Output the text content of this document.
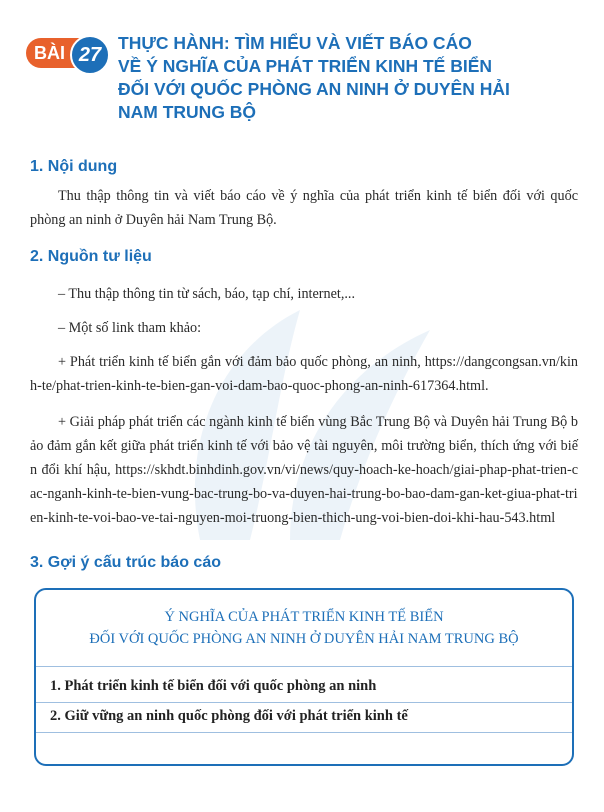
BÀI 27
THỰC HÀNH: TÌM HIỂU VÀ VIẾT BÁO CÁO
VỀ Ý NGHĨA CỦA PHÁT TRIỂN KINH TẾ BIỂN
ĐỐI VỚI QUỐC PHÒNG AN NINH Ở DUYÊN HẢI
NAM TRUNG BỘ
1. Nội dung
Thu thập thông tin và viết báo cáo về ý nghĩa của phát triển kinh tế biển đối với quốc phòng an ninh ở Duyên hải Nam Trung Bộ.
2. Nguồn tư liệu
– Thu thập thông tin từ sách, báo, tạp chí, internet,...
– Một số link tham khảo:
+ Phát triển kinh tế biển gắn với đảm bảo quốc phòng, an ninh, https://dangcongsan.vn/kinh-te/phat-trien-kinh-te-bien-gan-voi-dam-bao-quoc-phong-an-ninh-617364.html.
+ Giải pháp phát triển các ngành kinh tế biển vùng Bắc Trung Bộ và Duyên hải Trung Bộ bảo đảm gắn kết giữa phát triển kinh tế với bảo vệ tài nguyên, môi trường biển, thích ứng với biến đổi khí hậu, https://skhdt.binhdinh.gov.vn/vi/news/quy-hoach-ke-hoach/giai-phap-phat-trien-cac-nganh-kinh-te-bien-vung-bac-trung-bo-va-duyen-hai-trung-bo-bao-dam-gan-ket-giua-phat-trien-kinh-te-voi-bao-ve-tai-nguyen-moi-truong-bien-thich-ung-voi-bien-doi-khi-hau-543.html
3. Gợi ý cấu trúc báo cáo
Ý NGHĨA CỦA PHÁT TRIỂN KINH TẾ BIỂN
ĐỐI VỚI QUỐC PHÒNG AN NINH Ở DUYÊN HẢI NAM TRUNG BỘ
1. Phát triển kinh tế biển đối với quốc phòng an ninh
2. Giữ vững an ninh quốc phòng đối với phát triển kinh tế
